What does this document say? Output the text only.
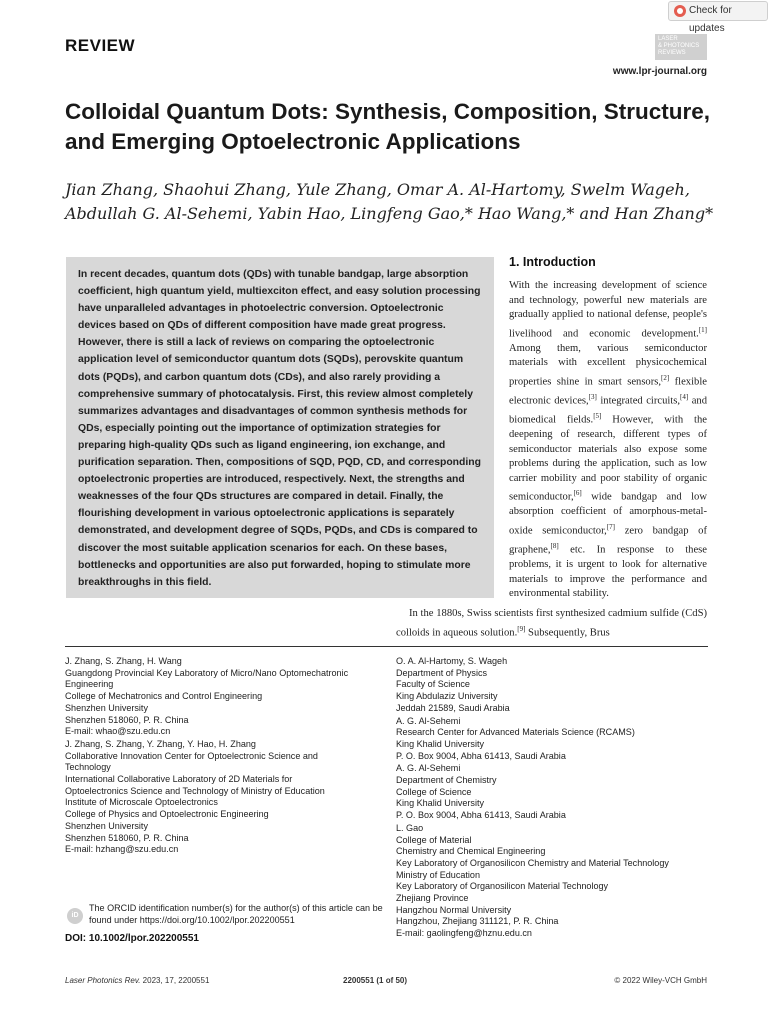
Check for updates
REVIEW	LASER
& PHOTONICS
REVIEWS
www.lpr-journal.org
Colloidal Quantum Dots: Synthesis, Composition, Structure, and Emerging Optoelectronic Applications
Jian Zhang, Shaohui Zhang, Yule Zhang, Omar A. Al-Hartomy, Swelm Wageh,
Abdullah G. Al-Sehemi, Yabin Hao, Lingfeng Gao,* Hao Wang,* and Han Zhang*
In recent decades, quantum dots (QDs) with tunable bandgap, large absorption coefficient, high quantum yield, multiexciton effect, and easy solution processing have unparalleled advantages in photoelectric conversion. Optoelectronic devices based on QDs of different composition have made great progress. However, there is still a lack of reviews on comparing the optoelectronic application level of semiconductor quantum dots (SQDs), perovskite quantum dots (PQDs), and carbon quantum dots (CDs), and also rarely providing a comprehensive summary of photocatalysis. First, this review almost completely summarizes advantages and disadvantages of common synthesis methods for QDs, especially pointing out the importance of optimization strategies for preparing high-quality QDs such as ligand engineering, ion exchange, and purification separation. Then, compositions of SQD, PQD, CD, and corresponding optoelectronic properties are introduced, respectively. Next, the strengths and weaknesses of the four QDs structures are compared in detail. Finally, the flourishing development in various optoelectronic applications is separately demonstrated, and development degree of SQDs, PQDs, and CDs is compared to discover the most suitable application scenarios for each. On these bases, bottlenecks and opportunities are also put forwarded, hoping to stimulate more breakthroughs in this field.
1. Introduction
With the increasing development of science and technology, powerful new materials are gradually applied to national defense, people's livelihood and economic development.[1] Among them, various semiconductor materials with excellent physicochemical properties shine in smart sensors,[2] flexible electronic devices,[3] integrated circuits,[4] and biomedical fields.[5] However, with the deepening of research, different types of semiconductor materials also expose some problems during the application, such as low carrier mobility and poor stability of organic semiconductor,[6] wide bandgap and low absorption coefficient of amorphous-metal-oxide semiconductor,[7] zero bandgap of graphene,[8] etc. In response to these problems, it is urgent to look for alternative materials to improve the performance and environmental stability.
In the 1880s, Swiss scientists first synthesized cadmium sulfide (CdS) colloids in aqueous solution.[9] Subsequently, Brus
J. Zhang, S. Zhang, H. Wang
Guangdong Provincial Key Laboratory of Micro/Nano Optomechatronic
Engineering
College of Mechatronics and Control Engineering
Shenzhen University
Shenzhen 518060, P. R. China
E-mail: whao@szu.edu.cn
J. Zhang, S. Zhang, Y. Zhang, Y. Hao, H. Zhang
Collaborative Innovation Center for Optoelectronic Science and
Technology
International Collaborative Laboratory of 2D Materials for
Optoelectronics Science and Technology of Ministry of Education
Institute of Microscale Optoelectronics
College of Physics and Optoelectronic Engineering
Shenzhen University
Shenzhen 518060, P. R. China
E-mail: hzhang@szu.edu.cn
O. A. Al-Hartomy, S. Wageh
Department of Physics
Faculty of Science
King Abdulaziz University
Jeddah 21589, Saudi Arabia
A. G. Al-Sehemi
Research Center for Advanced Materials Science (RCAMS)
King Khalid University
P. O. Box 9004, Abha 61413, Saudi Arabia
A. G. Al-Sehemi
Department of Chemistry
College of Science
King Khalid University
P. O. Box 9004, Abha 61413, Saudi Arabia
L. Gao
College of Material
Chemistry and Chemical Engineering
Key Laboratory of Organosilicon Chemistry and Material Technology
Ministry of Education
Key Laboratory of Organosilicon Material Technology
Zhejiang Province
Hangzhou Normal University
Hangzhou, Zhejiang 311121, P. R. China
E-mail: gaolingfeng@hznu.edu.cn
iD
The ORCID identification number(s) for the author(s) of this article can be found under https://doi.org/10.1002/lpor.202200551
DOI: 10.1002/lpor.202200551
Laser Photonics Rev. 2023, 17, 2200551	2200551 (1 of 50)	© 2022 Wiley-VCH GmbH
